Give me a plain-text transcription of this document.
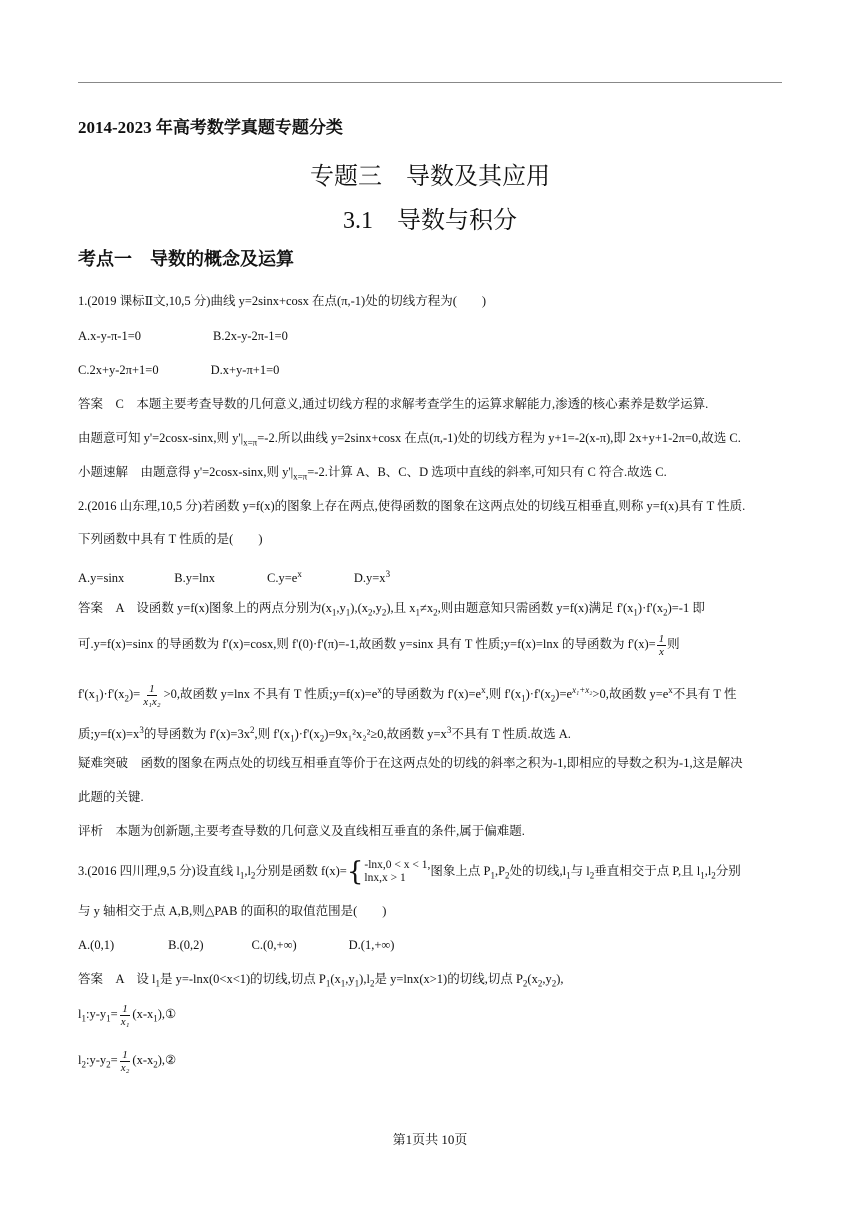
2014-2023 年高考数学真题专题分类
专题三　导数及其应用
3.1　导数与积分
考点一　导数的概念及运算
1.(2019 课标Ⅱ文,10,5 分)曲线 y=2sinx+cosx 在点(π,-1)处的切线方程为(　　)
A.x-y-π-1=0	B.2x-y-2π-1=0
C.2x+y-2π+1=0	D.x+y-π+1=0
答案　C　本题主要考查导数的几何意义,通过切线方程的求解考查学生的运算求解能力,渗透的核心素养是数学运算.
由题意可知 y'=2cosx-sinx,则 $y'|_{x=\pi}=-2$.所以曲线 y=2sinx+cosx 在点(π,-1)处的切线方程为 y+1=-2(x-π),即 2x+y+1-2π=0,故选 C.
小题速解　由题意得 y'=2cosx-sinx,则 $y'|_{x=\pi}=-2$.计算 A、B、C、D 选项中直线的斜率,可知只有 C 符合.故选 C.
2.(2016 山东理,10,5 分)若函数 y=f(x)的图象上存在两点,使得函数的图象在这两点处的切线互相垂直,则称 y=f(x)具有 T 性质.
下列函数中具有 T 性质的是(　　)
A.y=sinx	B.y=lnx	$C.y=e^x$	$D.y=x^3$
答案　A　设函数 y=f(x)图象上的两点分别为$(x_1,y_1),(x_2,y_2)$,且 $x_1\ne x_2$,则由题意知只需函数 y=f(x)满足 $f'(x_1)\cdot f'(x_2)=-1$ 即
可.y=f(x)=sinx 的导函数为 f'(x)=cosx,则 f'(0)·f'(π)=-1,故函数 y=sinx 具有 T 性质;y=f(x)=lnx 的导函数为 $f'(x)= \frac{1}{x}$ 则
$f'(x_1)\cdot f'(x_2)= \frac{1}{\text{x₁x₂}} >0$,故函数 y=lnx 不具有 T 性质$;y=f(x)=e^x$的导函数为 $f'(x)=e^x$,则 $f'(x_1)\cdot f'(x_2)=e^{x_1+x_2}>0$,故函数 $y=e^x$不具有 T 性
质$;y=f(x)=x^3$的导函数为 $f'(x)=3x^2$,则 $f'(x_1)\cdot f'(x_2)=9x_1^2x_2^2\ge 0$,故函数 $y=x^3$不具有 T 性质.故选 A.
疑难突破　函数的图象在两点处的切线互相垂直等价于在这两点处的切线的斜率之积为-1,即相应的导数之积为-1,这是解决
此题的关键.
评析　本题为创新题,主要考查导数的几何意义及直线相互垂直的条件,属于偏难题.
3.(2016 四川理,9,5 分)设直线 $l_1,l_2$分别是函数 f(x)= { -lnx,0 < x < 1,
lnx,x > 1
图象上点 $P_1,P_2$处的切线$,l_1$与 $l_2$垂直相交于点 P,且 $l_1,l_2$分别
与 y 轴相交于点 A,B,则△PAB 的面积的取值范围是(　　)
A.(0,1)	B.(0,2)	C.(0,+∞)	D.(1,+∞)
答案　A　设 $l_1$是 y=-lnx(0<x<1)的切线,切点 $P_1(x_1,y_1),l_2$是 y=lnx(x>1)的切线,切点 $P_2(x_2,y_2)$,
$l_1:y-y_1= \frac{1}{\text{x₁}}$ $(x-x_1),①$
$l_2:y-y_2= \frac{1}{\text{x₂}}$ $(x-x_2),②$
第1页共 10页
